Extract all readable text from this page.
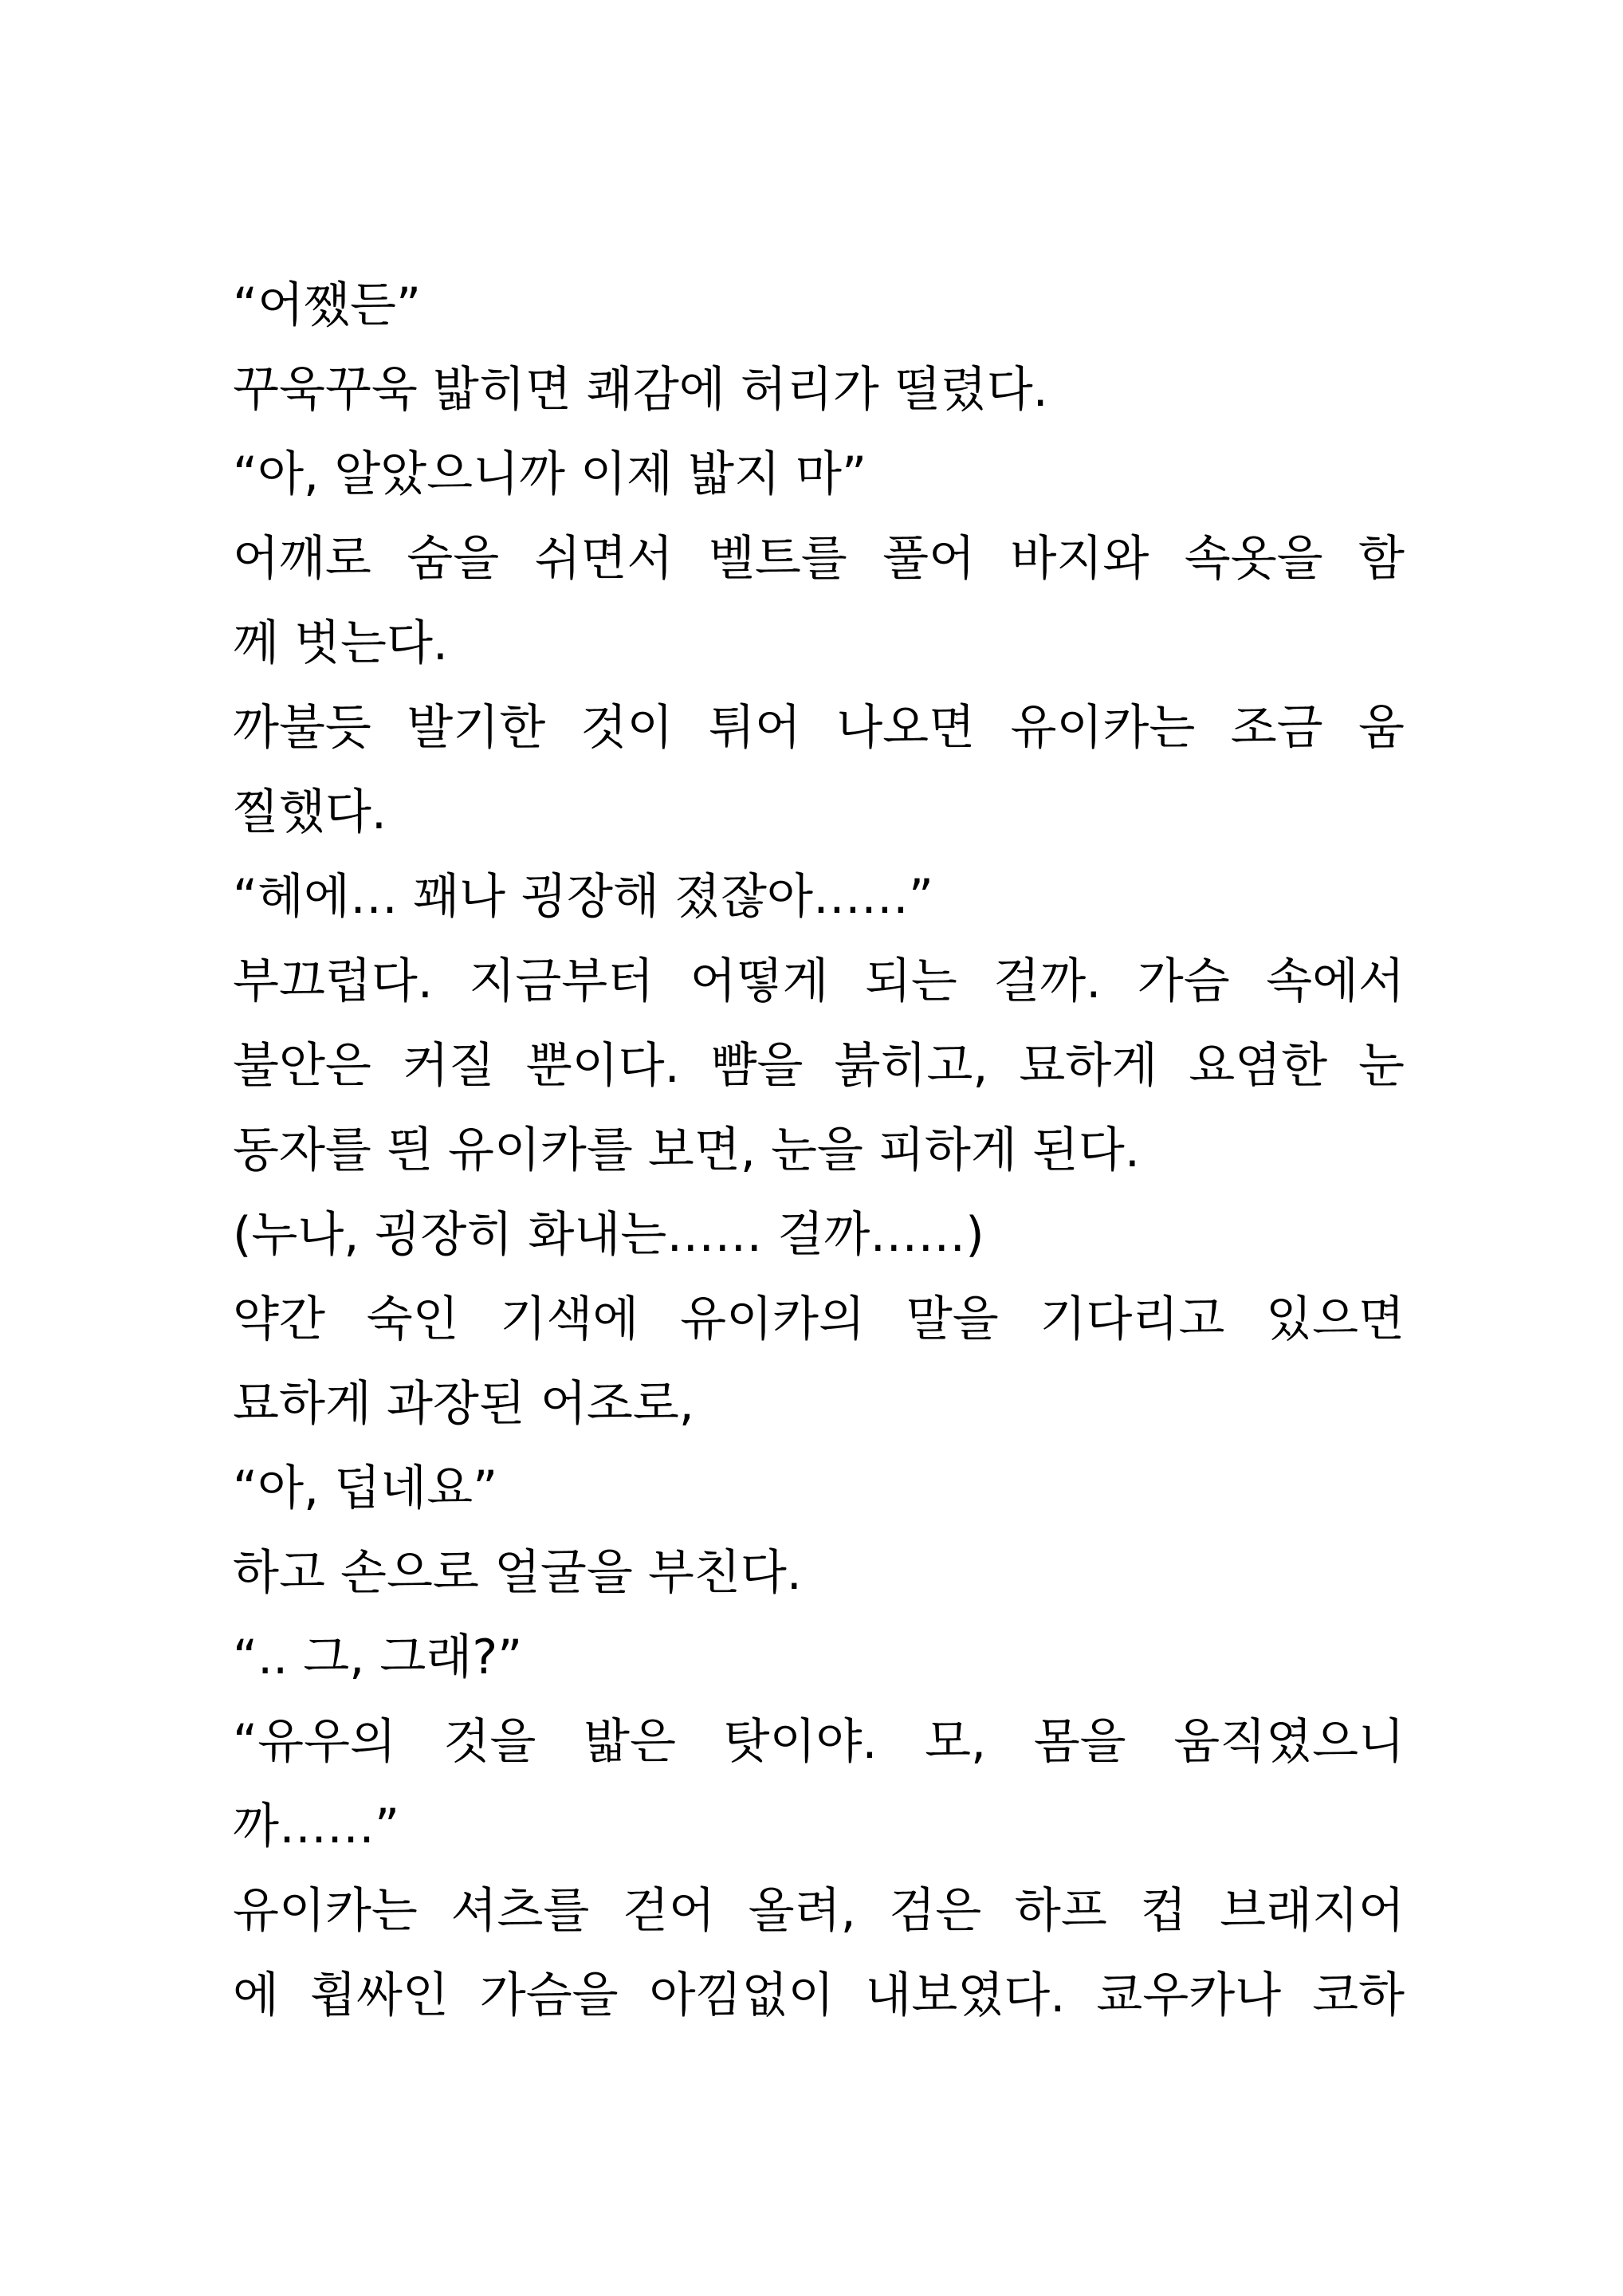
“어쨌든”
꾸욱꾸욱 밟히면 쾌감에 허리가 떨렸다.
“아, 알았으니까 이제 밟지 마”
어깨로 숨을 쉬면서 벨트를 풀어 바지와 속옷을 함
께 벗는다.
까불듯 발기한 것이 튀어 나오면 유이카는 조금 움
찔했다.
“헤에… 꽤나 굉장해 졌잖아……”
부끄럽다. 지금부터 어떻게 되는 걸까. 가슴 속에서
불안은 커질 뿐이다. 뺨을 붉히고, 묘하게 요염한 눈
동자를 띈 유이카를 보면, 눈을 피하게 된다.
(누나, 굉장히 화내는…… 걸까……)
약간 숙인 기색에 유이카의 말을 기다리고 있으면
묘하게 과장된 어조로,
“아, 덥네요”
하고 손으로 얼굴을 부친다.
“.. 그, 그래?”
“유우의 것을 밟은 탓이야. 모, 몸을 움직였으니
까……”
유이카는 셔츠를 걷어 올려, 검은 하프 컵 브래지어
에 휩싸인 가슴을 아낌없이 내보였다. 쿄우카나 코하
